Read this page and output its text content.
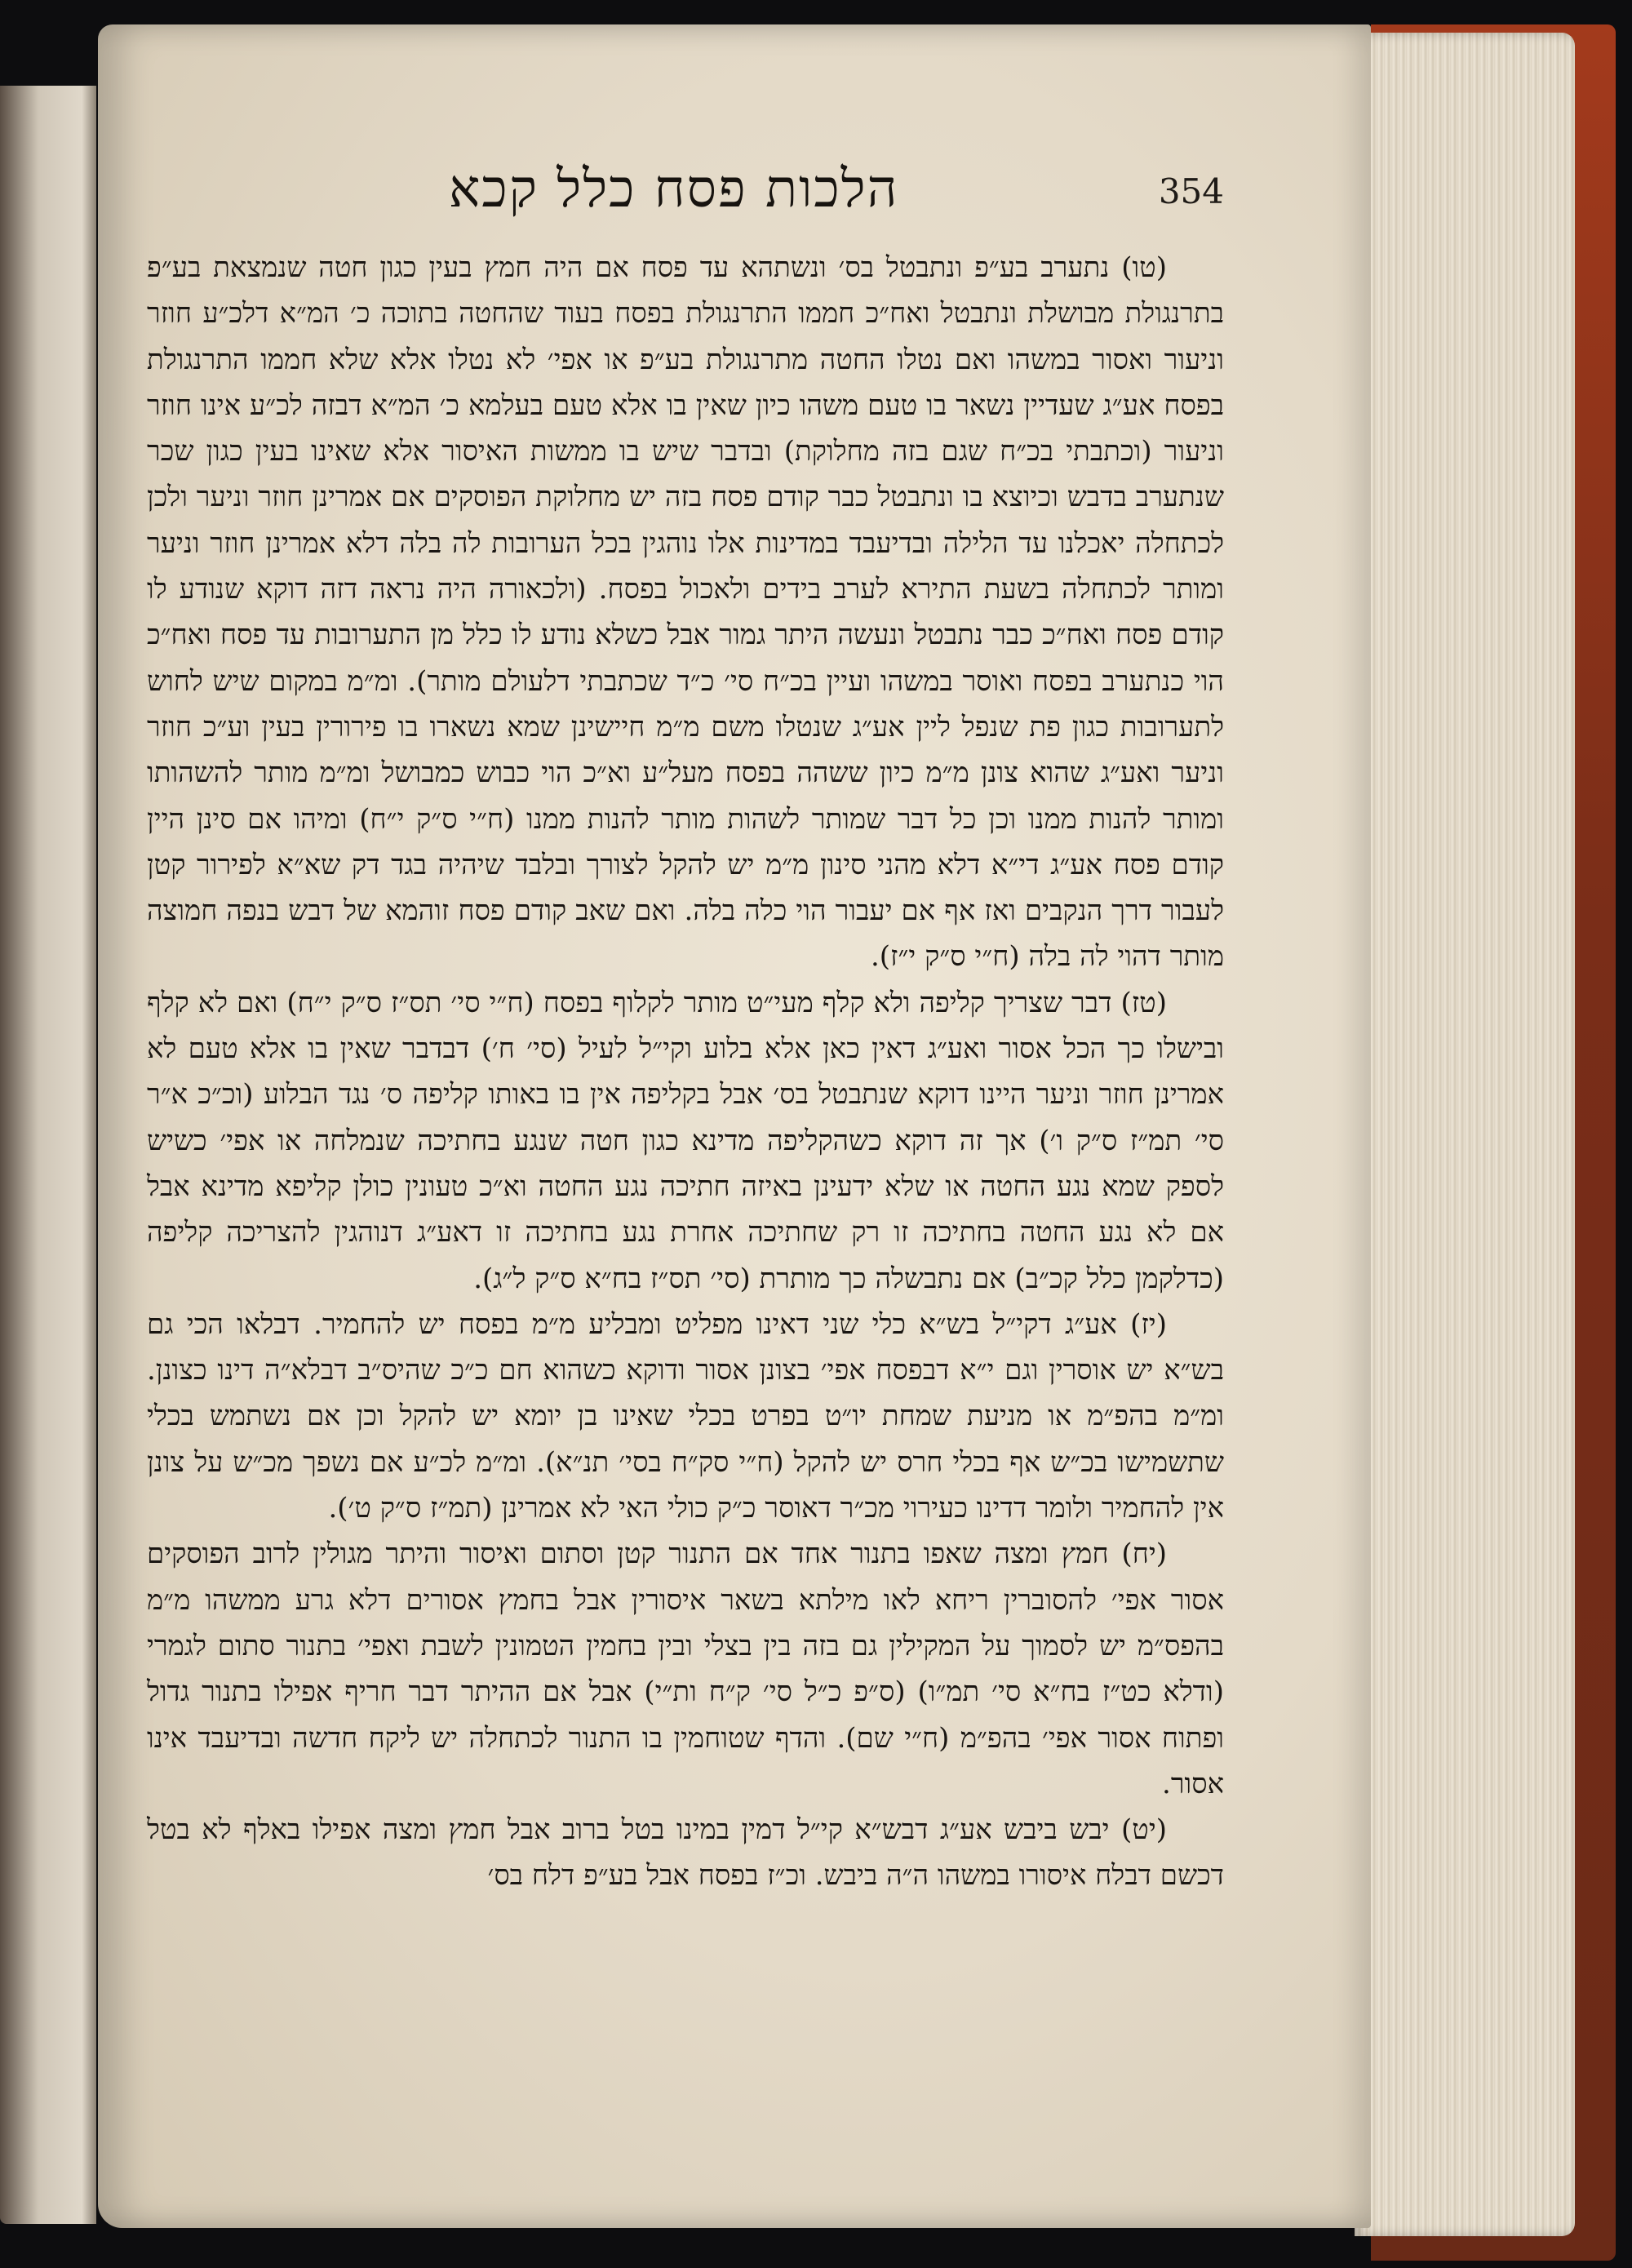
הלכות פסח כלל קכא	354

(טו) נתערב בע״פ ונתבטל בס׳ ונשתהא עד פסח אם היה חמץ בעין כגון חטה שנמצאת בע״פ בתרנגולת מבושלת ונתבטל ואח״כ חממו התרנגולת בפסח בעוד שהחטה בתוכה כ׳ המ״א דלכ״ע חוזר וניעור ואסור במשהו ואם נטלו החטה מתרנגולת בע״פ או אפי׳ לא נטלו אלא שלא חממו התרנגולת בפסח אע״ג שעדיין נשאר בו טעם משהו כיון שאין בו אלא טעם בעלמא כ׳ המ״א דבזה לכ״ע אינו חוזר וניעור (וכתבתי בכ״ח שגם בזה מחלוקת) ובדבר שיש בו ממשות האיסור אלא שאינו בעין כגון שכר שנתערב בדבש וכיוצא בו ונתבטל כבר קודם פסח בזה יש מחלוקת הפוסקים אם אמרינן חוזר וניער ולכן לכתחלה יאכלנו עד הלילה ובדיעבד במדינות אלו נוהגין בכל הערובות לה בלה דלא אמרינן חוזר וניער ומותר לכתחלה בשעת התירא לערב בידים ולאכול בפסח. (ולכאורה היה נראה דזה דוקא שנודע לו קודם פסח ואח״כ כבר נתבטל ונעשה היתר גמור אבל כשלא נודע לו כלל מן התערובות עד פסח ואח״כ הוי כנתערב בפסח ואוסר במשהו ועיין בכ״ח סי׳ כ״ד שכתבתי דלעולם מותר). ומ״מ במקום שיש לחוש לתערובות כגון פת שנפל ליין אע״ג שנטלו משם מ״מ חיישינן שמא נשארו בו פירורין בעין וע״כ חוזר וניער ואע״ג שהוא צונן מ״מ כיון ששהה בפסח מעל״ע וא״כ הוי כבוש כמבושל ומ״מ מותר להשהותו ומותר להנות ממנו וכן כל דבר שמותר לשהות מותר להנות ממנו (ח״י ס״ק י״ח) ומיהו אם סינן היין קודם פסח אע״ג די״א דלא מהני סינון מ״מ יש להקל לצורך ובלבד שיהיה בגד דק שא״א לפירור קטן לעבור דרך הנקבים ואז אף אם יעבור הוי כלה בלה. ואם שאב קודם פסח זוהמא של דבש בנפה חמוצה מותר דהוי לה בלה (ח״י ס״ק י״ז).

(טז) דבר שצריך קליפה ולא קלף מעי״ט מותר לקלוף בפסח (ח״י סי׳ תס״ז ס״ק י״ח) ואם לא קלף ובישלו כך הכל אסור ואע״ג דאין כאן אלא בלוע וקי״ל לעיל (סי׳ ח׳) דבדבר שאין בו אלא טעם לא אמרינן חוזר וניער היינו דוקא שנתבטל בס׳ אבל בקליפה אין בו באותו קליפה ס׳ נגד הבלוע (וכ״כ א״ר סי׳ תמ״ז ס״ק ו׳) אך זה דוקא כשהקליפה מדינא כגון חטה שנגע בחתיכה שנמלחה או אפי׳ כשיש לספק שמא נגע החטה או שלא ידעינן באיזה חתיכה נגע החטה וא״כ טעונין כולן קליפא מדינא אבל אם לא נגע החטה בחתיכה זו רק שחתיכה אחרת נגע בחתיכה זו דאע״ג דנוהגין להצריכה קליפה (כדלקמן כלל קכ״ב) אם נתבשלה כך מותרת (סי׳ תס״ז בח״א ס״ק ל״ג).

(יז) אע״ג דקי״ל בש״א כלי שני דאינו מפליט ומבליע מ״מ בפסח יש להחמיר. דבלאו הכי גם בש״א יש אוסרין וגם י״א דבפסח אפי׳ בצונן אסור ודוקא כשהוא חם כ״כ שהיס״ב דבלא״ה דינו כצונן. ומ״מ בהפ״מ או מניעת שמחת יו״ט בפרט בכלי שאינו בן יומא יש להקל וכן אם נשתמש בכלי שתשמישו בכ״ש אף בכלי חרס יש להקל (ח״י סק״ח בסי׳ תנ״א). ומ״מ לכ״ע אם נשפך מכ״ש על צונן אין להחמיר ולומר דדינו כעירוי מכ״ר דאוסר כ״ק כולי האי לא אמרינן (תמ״ז ס״ק ט׳).

(יח) חמץ ומצה שאפו בתנור אחד אם התנור קטן וסתום ואיסור והיתר מגולין לרוב הפוסקים אסור אפי׳ להסוברין ריחא לאו מילתא בשאר איסורין אבל בחמץ אסורים דלא גרע ממשהו מ״מ בהפס״מ יש לסמוך על המקילין גם בזה בין בצלי ובין בחמין הטמונין לשבת ואפי׳ בתנור סתום לגמרי (ודלא כט״ז בח״א סי׳ תמ״ו) (ס״פ כ״ל סי׳ ק״ח ות״י) אבל אם ההיתר דבר חריף אפילו בתנור גדול ופתוח אסור אפי׳ בהפ״מ (ח״י שם). והדף שטוחמין בו התנור לכתחלה יש ליקח חדשה ובדיעבד אינו אסור.

(יט) יבש ביבש אע״ג דבש״א קי״ל דמין במינו בטל ברוב אבל חמץ ומצה אפילו באלף לא בטל דכשם דבלח איסורו במשהו ה״ה ביבש. וכ״ז בפסח אבל בע״פ דלח בס׳
